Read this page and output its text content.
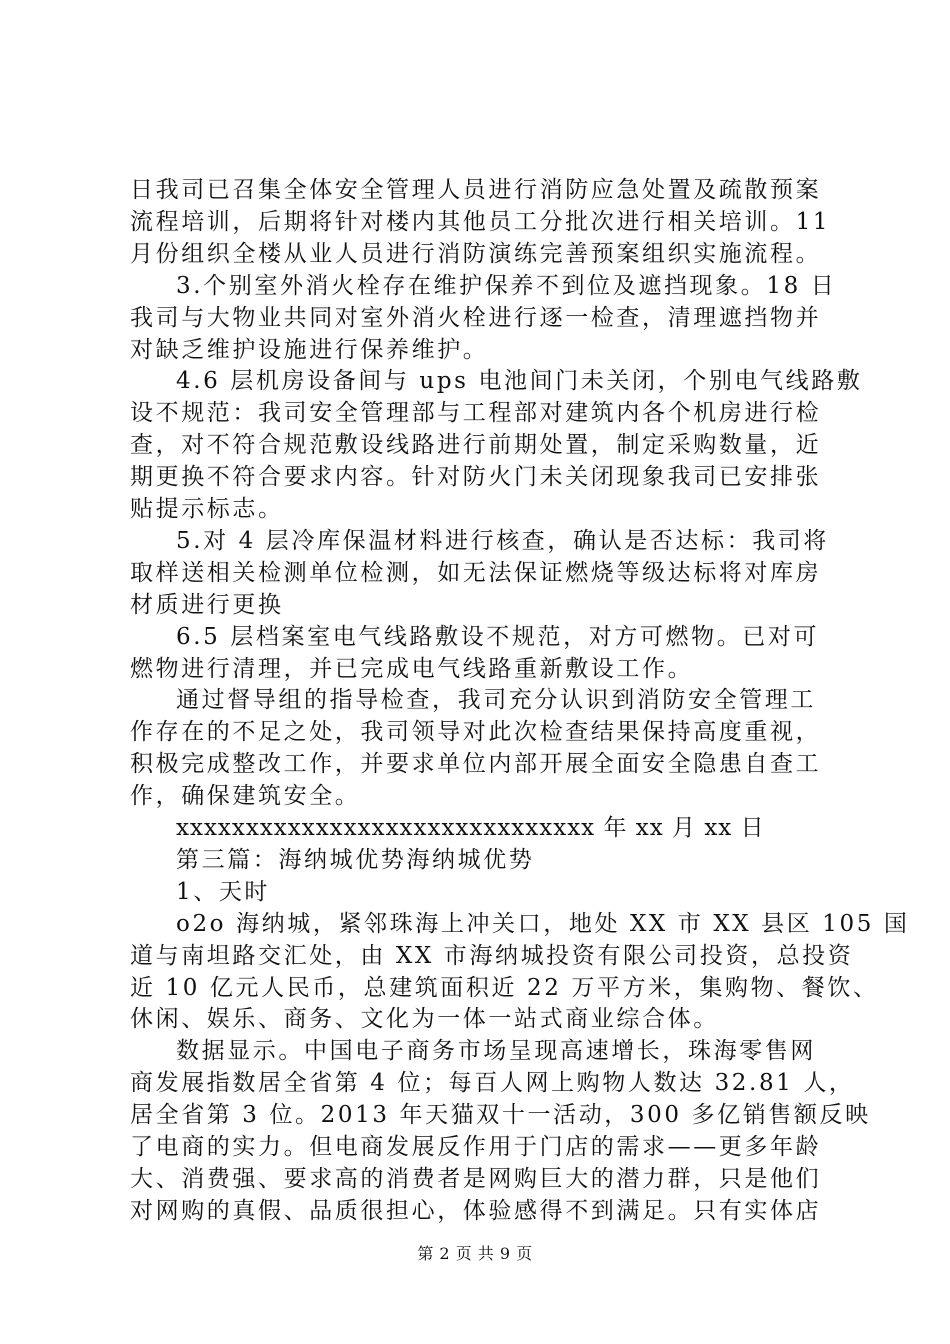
日我司已召集全体安全管理人员进行消防应急处置及疏散预案
流程培训，后期将针对楼内其他员工分批次进行相关培训。11
月份组织全楼从业人员进行消防演练完善预案组织实施流程。
3.个别室外消火栓存在维护保养不到位及遮挡现象。18 日
我司与大物业共同对室外消火栓进行逐一检查，清理遮挡物并
对缺乏维护设施进行保养维护。
4.6 层机房设备间与 ups 电池间门未关闭，个别电气线路敷
设不规范：我司安全管理部与工程部对建筑内各个机房进行检
查，对不符合规范敷设线路进行前期处置，制定采购数量，近
期更换不符合要求内容。针对防火门未关闭现象我司已安排张
贴提示标志。
5.对 4 层冷库保温材料进行核查，确认是否达标：我司将
取样送相关检测单位检测，如无法保证燃烧等级达标将对库房
材质进行更换
6.5 层档案室电气线路敷设不规范，对方可燃物。已对可
燃物进行清理，并已完成电气线路重新敷设工作。
通过督导组的指导检查，我司充分认识到消防安全管理工
作存在的不足之处，我司领导对此次检查结果保持高度重视，
积极完成整改工作，并要求单位内部开展全面安全隐患自查工
作，确保建筑安全。
xxxxxxxxxxxxxxxxxxxxxxxxxxxxxx 年 xx 月 xx 日
第三篇：海纳城优势海纳城优势
1、天时
o2o 海纳城，紧邻珠海上冲关口，地处 XX 市 XX 县区 105 国
道与南坦路交汇处，由 XX 市海纳城投资有限公司投资，总投资
近 10 亿元人民币，总建筑面积近 22 万平方米，集购物、餐饮、
休闲、娱乐、商务、文化为一体一站式商业综合体。
数据显示。中国电子商务市场呈现高速增长，珠海零售网
商发展指数居全省第 4 位；每百人网上购物人数达 32.81 人，
居全省第 3 位。2013 年天猫双十一活动，300 多亿销售额反映
了电商的实力。但电商发展反作用于门店的需求——更多年龄
大、消费强、要求高的消费者是网购巨大的潜力群，只是他们
第 2 页 共 9 页
对网购的真假、品质很担心，体验感得不到满足。只有实体店
